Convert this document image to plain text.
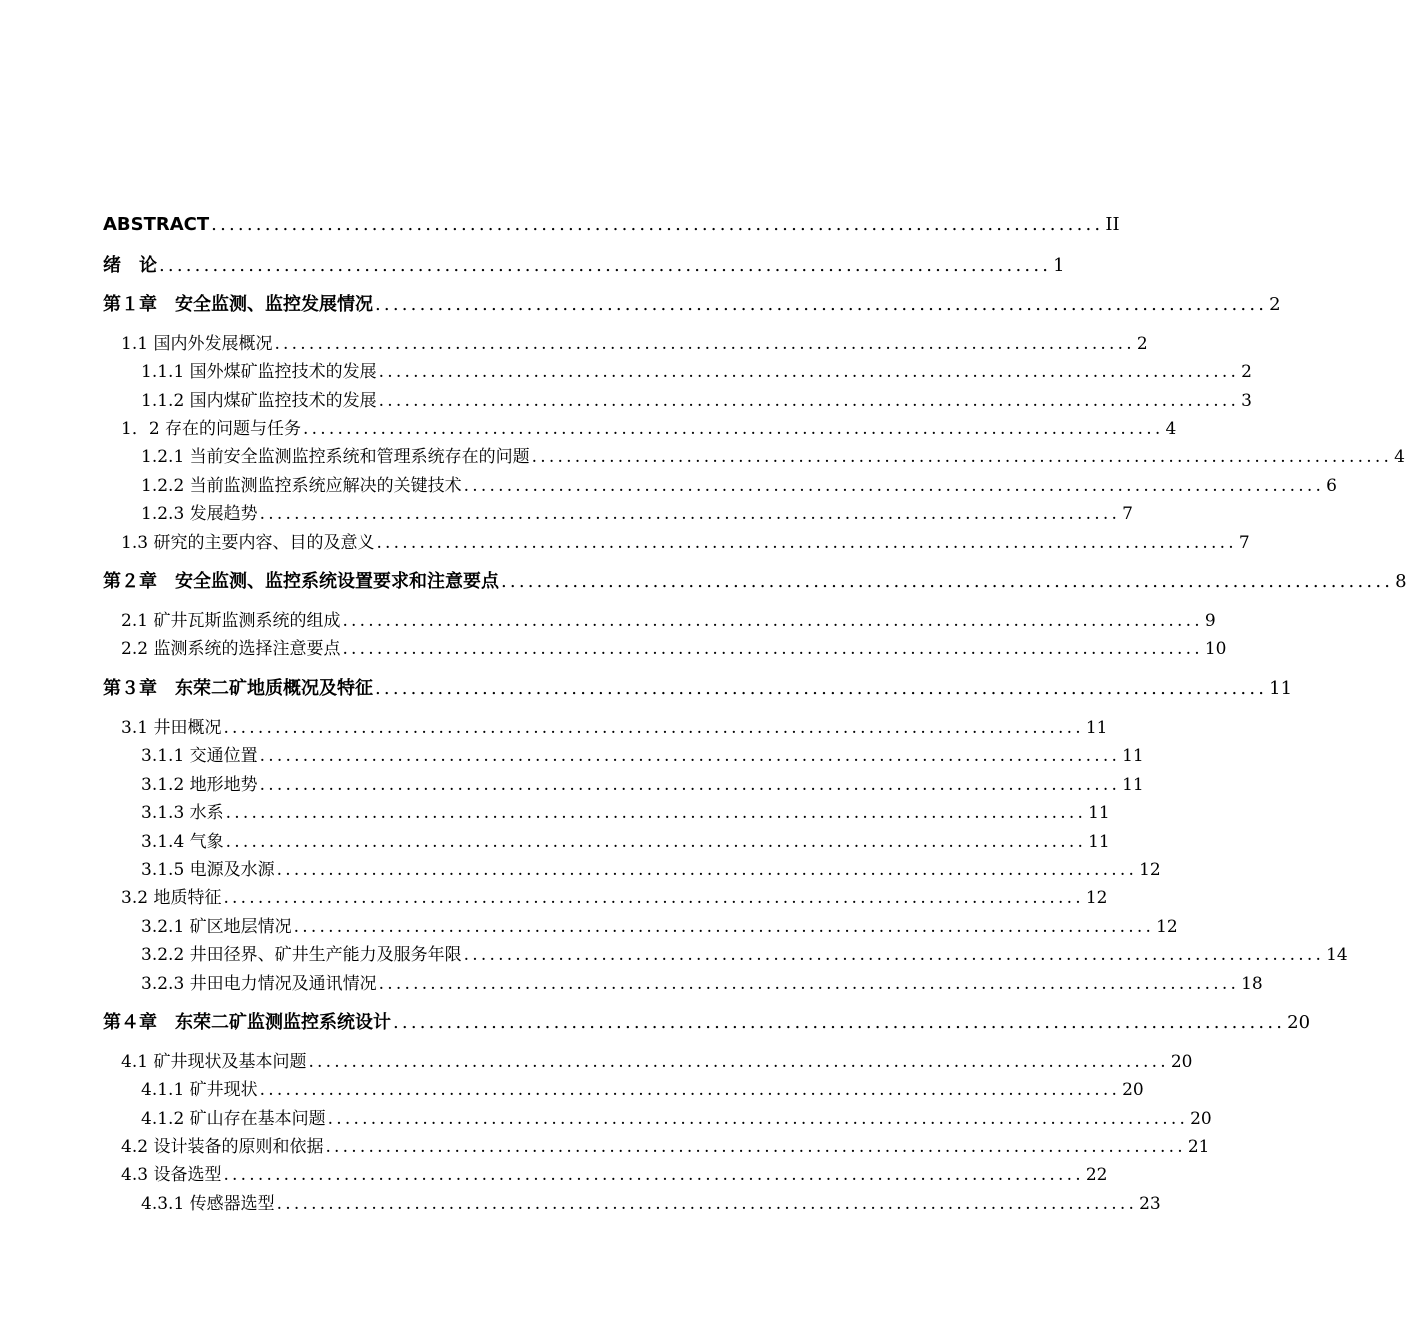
ABSTRACT .................................................................................................... II
绪　论 .................................................................................................... 1
第１章　安全监测、监控发展情况 .................................................................................................... 2
1.1 国内外发展概况 .................................................................................................... 2
1.1.1 国外煤矿监控技术的发展 .................................................................................................... 2
1.1.2 国内煤矿监控技术的发展 .................................................................................................... 3
1．2 存在的问题与任务 .................................................................................................... 4
1.2.1 当前安全监测监控系统和管理系统存在的问题 .................................................................................................... 4
1.2.2 当前监测监控系统应解决的关键技术 .................................................................................................... 6
1.2.3 发展趋势 .................................................................................................... 7
1.3 研究的主要内容、目的及意义 .................................................................................................... 7
第２章　安全监测、监控系统设置要求和注意要点 .................................................................................................... 8
2.1 矿井瓦斯监测系统的组成 .................................................................................................... 9
2.2 监测系统的选择注意要点 .................................................................................................... 10
第３章　东荣二矿地质概况及特征 .................................................................................................... 11
3.1 井田概况 .................................................................................................... 11
3.1.1 交通位置 .................................................................................................... 11
3.1.2 地形地势 .................................................................................................... 11
3.1.3 水系 .................................................................................................... 11
3.1.4 气象 .................................................................................................... 11
3.1.5 电源及水源 .................................................................................................... 12
3.2 地质特征 .................................................................................................... 12
3.2.1 矿区地层情况 .................................................................................................... 12
3.2.2 井田径界、矿井生产能力及服务年限 .................................................................................................... 14
3.2.3 井田电力情况及通讯情况 .................................................................................................... 18
第４章　东荣二矿监测监控系统设计 .................................................................................................... 20
4.1 矿井现状及基本问题 .................................................................................................... 20
4.1.1 矿井现状 .................................................................................................... 20
4.1.2 矿山存在基本问题 .................................................................................................... 20
4.2 设计装备的原则和依据 .................................................................................................... 21
4.3 设备选型 .................................................................................................... 22
4.3.1 传感器选型 .................................................................................................... 23
